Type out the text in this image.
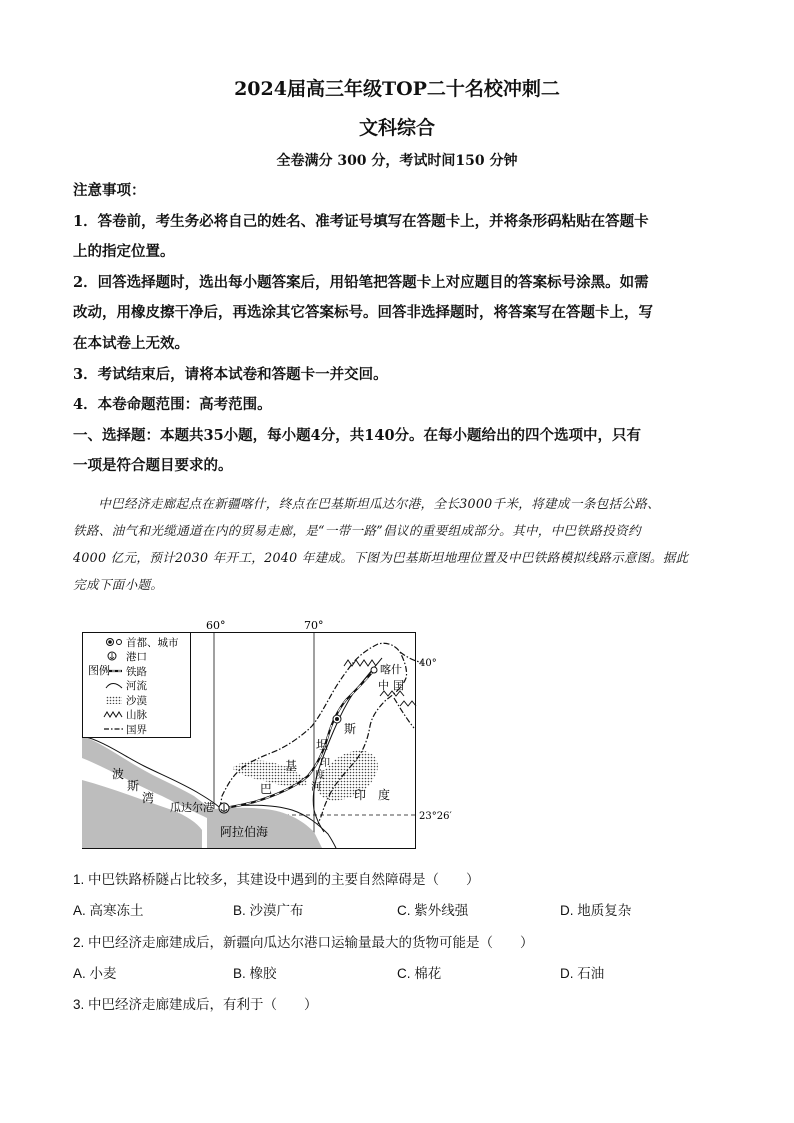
2024届高三年级TOP二十名校冲刺二
文科综合
全卷满分 300 分，考试时间150 分钟

注意事项：

1．答卷前，考生务必将自己的姓名、准考证号填写在答题卡上，并将条形码粘贴在答题卡

上的指定位置。

2．回答选择题时，选出每小题答案后，用铅笔把答题卡上对应题目的答案标号涂黑。如需

改动，用橡皮擦干净后，再选涂其它答案标号。回答非选择题时，将答案写在答题卡上，写

在本试卷上无效。

3．考试结束后，请将本试卷和答题卡一并交回。

4．本卷命题范围：高考范围。

一、选择题：本题共35小题，每小题4分，共140分。在每小题给出的四个选项中，只有

一项是符合题目要求的。

中巴经济走廊起点在新疆喀什，终点在巴基斯坦瓜达尔港，全长3000千米，将建成一条包括公路、

铁路、油气和光缆通道在内的贸易走廊，是“一带一路”倡议的重要组成部分。其中，中巴铁路投资约

4000 亿元，预计2030 年开工，2040 年建成。下图为巴基斯坦地理位置及中巴铁路模拟线路示意图。据此

完成下面小题。

60°	70°
40°
23°26′
喀什
中国
坦
斯
基
巴
印
度
河
印　度
波
斯
湾
瓜达尔港
阿拉伯海
图例
首都、城市
港口
铁路
河流
沙漠
山脉
国界
1. 中巴铁路桥隧占比较多，其建设中遇到的主要自然障碍是（　　）
A. 高寒冻土	B. 沙漠广布	C. 紫外线强	D. 地质复杂
2. 中巴经济走廊建成后，新疆向瓜达尔港口运输量最大的货物可能是（　　）
A. 小麦	B. 橡胶	C. 棉花	D. 石油
3. 中巴经济走廊建成后，有利于（　　）
